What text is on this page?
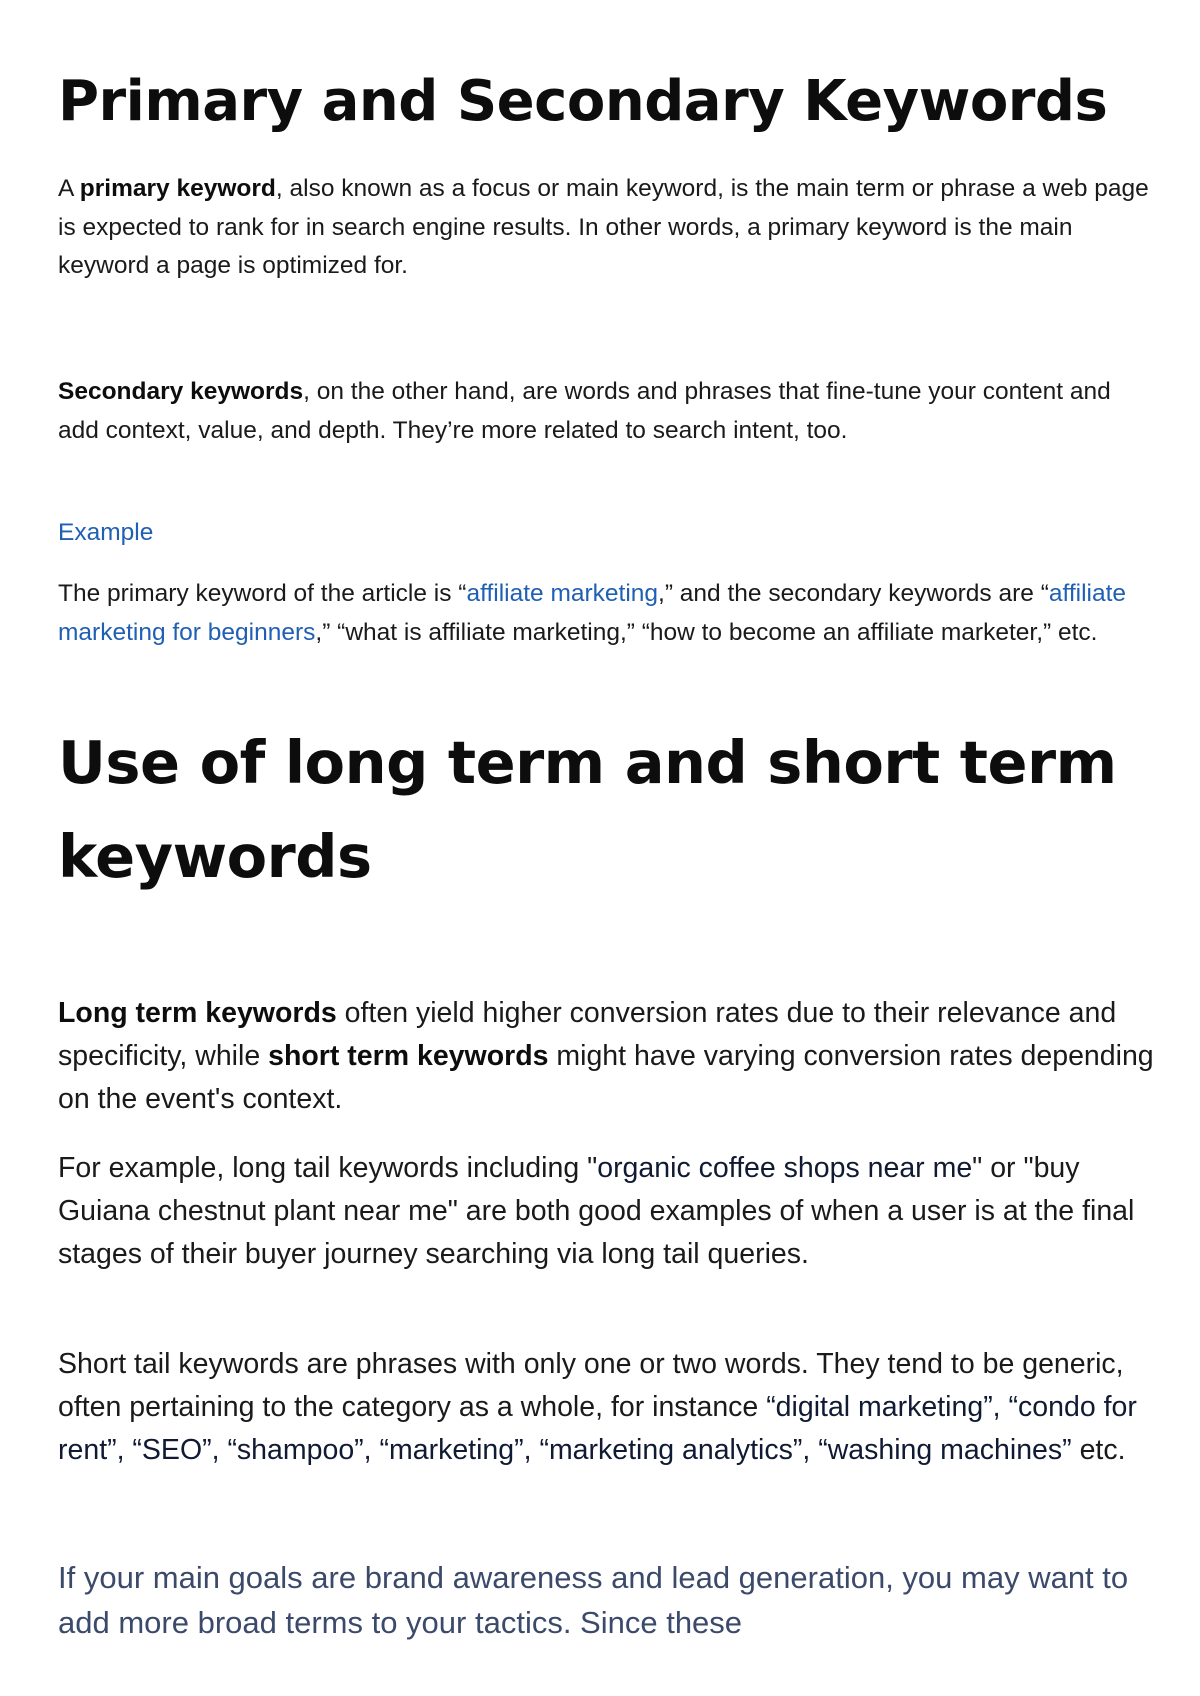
Primary and Secondary Keywords

A primary keyword, also known as a focus or main keyword, is the main term or phrase a web page is expected to rank for in search engine results. In other words, a primary keyword is the main keyword a page is optimized for.

Secondary keywords, on the other hand, are words and phrases that fine-tune your content and add context, value, and depth. They’re more related to search intent, too.

Example

The primary keyword of the article is “affiliate marketing,” and the secondary keywords are “affiliate marketing for beginners,” “what is affiliate marketing,” “how to become an affiliate marketer,” etc.

Use of long term and short term keywords

Long term keywords often yield higher conversion rates due to their relevance and specificity, while short term keywords might have varying conversion rates depending on the event's context.

For example, long tail keywords including "organic coffee shops near me" or "buy Guiana chestnut plant near me" are both good examples of when a user is at the final stages of their buyer journey searching via long tail queries.

Short tail keywords are phrases with only one or two words. They tend to be generic, often pertaining to the category as a whole, for instance “digital marketing”, “condo for rent”, “SEO”, “shampoo”, “marketing”, “marketing analytics”, “washing machines” etc.

If your main goals are brand awareness and lead generation, you may want to add more broad terms to your tactics. Since these
